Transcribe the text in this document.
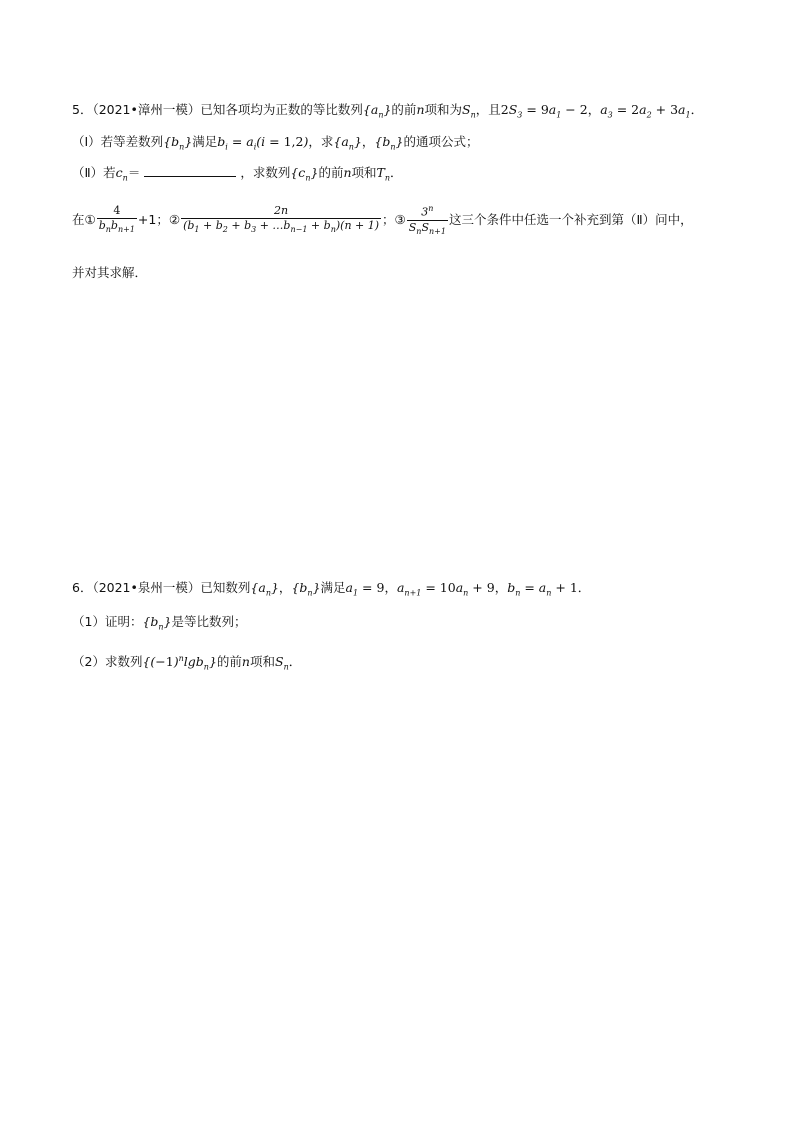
5．（2021•漳州一模）已知各项均为正数的等比数列$\{a_n\}$的前n项和为$S_n$，且$2S_3 = 9a_1 - 2$，$a_3 = 2a_2 + 3a_1$．
（Ⅰ）若等差数列$\{b_n\}$满足$b_i = a_i(i = 1,2)$，求$\{a_n\}$，$\{b_n\}$的通项公式；
（Ⅱ）若$c_n=$	，求数列$\{c_n\}$的前n项和$T_n$．
在① $\frac{4}{b_nb_{n+1}} +1$；② $\frac{2n}{(b_1 + b_2 + b_3 + \dots b_{n-1} + b_n)(n + 1)}$ ；③ $\frac{3^n}{S_nS_{n+1}}$ 这三个条件中任选一个补充到第（Ⅱ）问中，
并对其求解．
6．（2021•泉州一模）已知数列$\{a_n\}$，$\{b_n\}$满足$a_1 = 9$，$a_{n+1} = 10a_n + 9$，$b_n = a_n + 1$．
（1）证明：$\{b_n\}$是等比数列；
（2）求数列$\{(-1)^n\lg b_n\}$的前n项和$S_n$．
